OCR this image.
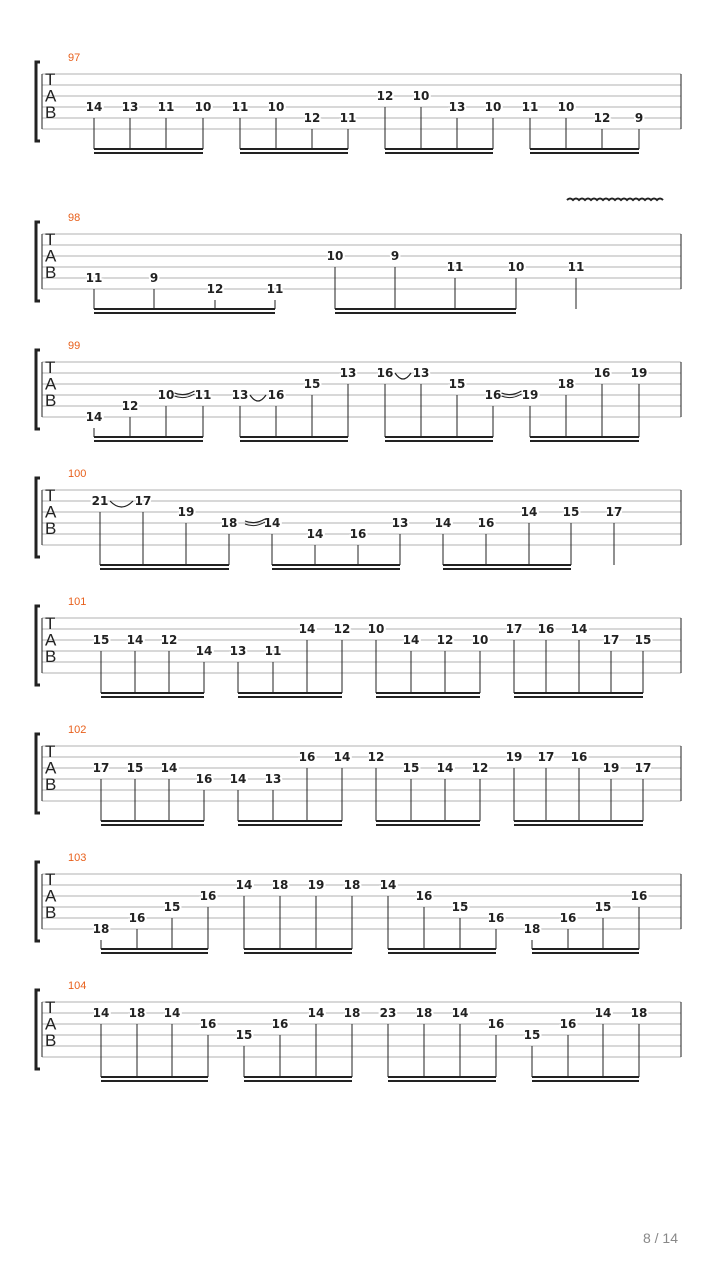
97
T
A
B 14 13 11 10 11 10
12 11
12 10
13 10 11 10
12 9
98
T
A
B 11	9
12	11
10	9
11	10	11
99
T
A
B
14
12
10 11 13 16
15
13 16 13
15
16 19
18
16 19
100
T
A
B
21 17
19
18 14
14 16
13 14 16
14 15 17
101
T
A
B
15 14 12
14 13 11
14 12 10
14 12 10
17 16 14
17 15
102
T
A
B
17 15 14
16 14 13
16 14 12
15 14 12
19 17 16
19 17
103
T
A
B
18
16
15
16
14 18 19 18 14
16
15
16
18
16
15
16
104
T
A
B
14 18 14
16
15
16
14 18 23 18 14
16
15
16
14 18
8 / 14
